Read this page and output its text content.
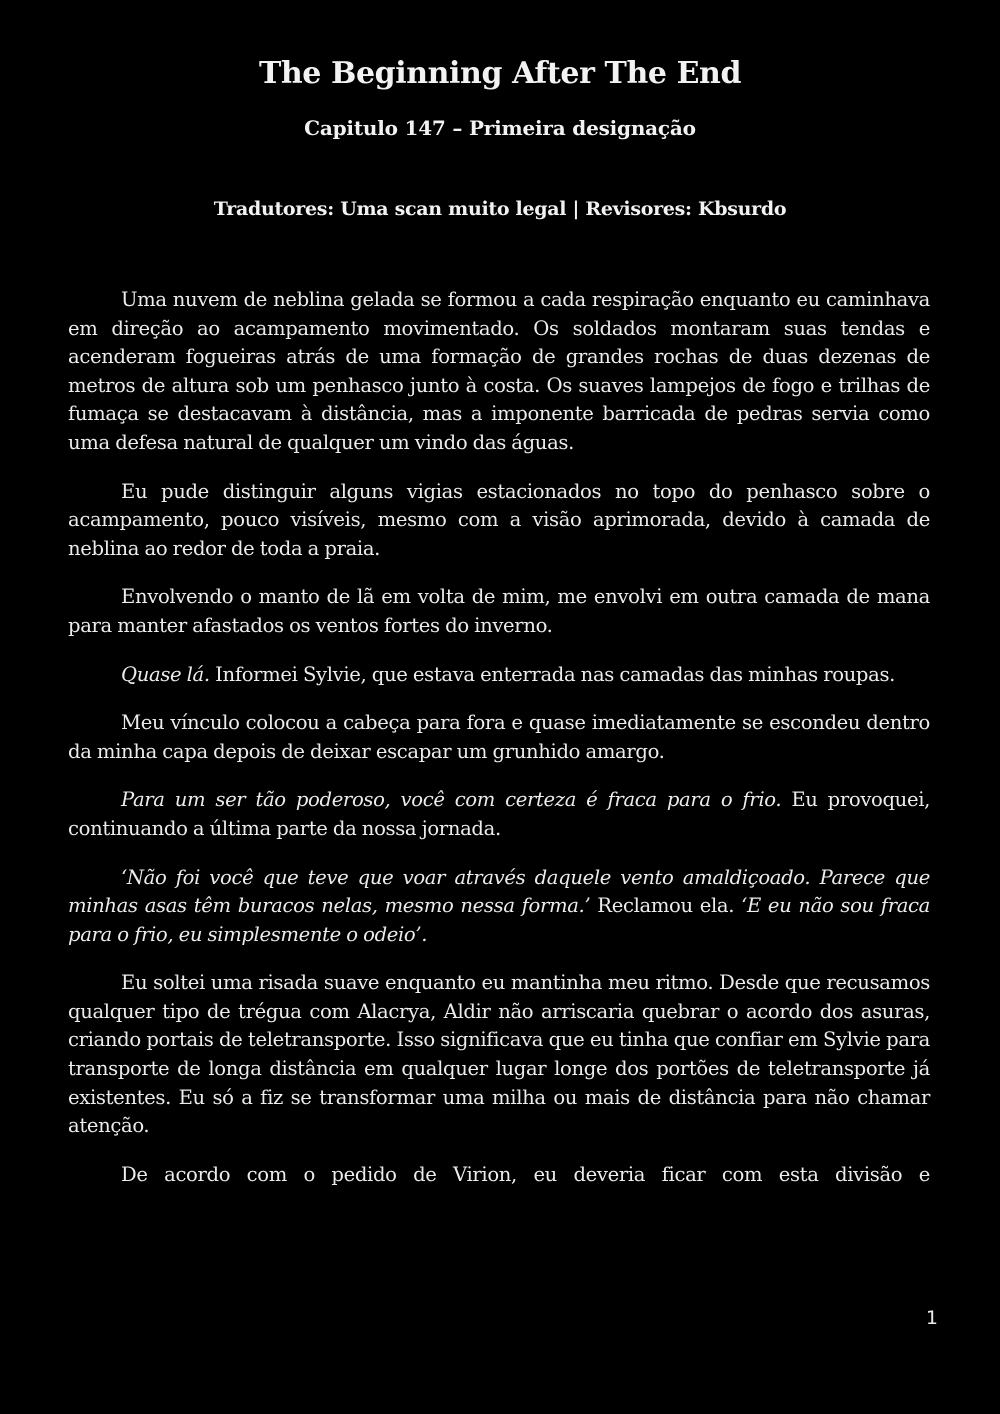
The Beginning After The End
Capitulo 147 – Primeira designação

Tradutores: Uma scan muito legal | Revisores: Kbsurdo

Uma nuvem de neblina gelada se formou a cada respiração enquanto eu caminhava em direção ao acampamento movimentado. Os soldados montaram suas tendas e acenderam fogueiras atrás de uma formação de grandes rochas de duas dezenas de metros de altura sob um penhasco junto à costa. Os suaves lampejos de fogo e trilhas de fumaça se destacavam à distância, mas a imponente barricada de pedras servia como uma defesa natural de qualquer um vindo das águas.

Eu pude distinguir alguns vigias estacionados no topo do penhasco sobre o acampamento, pouco visíveis, mesmo com a visão aprimorada, devido à camada de neblina ao redor de toda a praia.

Envolvendo o manto de lã em volta de mim, me envolvi em outra camada de mana para manter afastados os ventos fortes do inverno.

Quase lá. Informei Sylvie, que estava enterrada nas camadas das minhas roupas.

Meu vínculo colocou a cabeça para fora e quase imediatamente se escondeu dentro da minha capa depois de deixar escapar um grunhido amargo.

Para um ser tão poderoso, você com certeza é fraca para o frio. Eu provoquei, continuando a última parte da nossa jornada.

‘Não foi você que teve que voar através daquele vento amaldiçoado. Parece que minhas asas têm buracos nelas, mesmo nessa forma.’ Reclamou ela. ‘E eu não sou fraca para o frio, eu simplesmente o odeio’.

Eu soltei uma risada suave enquanto eu mantinha meu ritmo. Desde que recusamos qualquer tipo de trégua com Alacrya, Aldir não arriscaria quebrar o acordo dos asuras, criando portais de teletransporte. Isso significava que eu tinha que confiar em Sylvie para transporte de longa distância em qualquer lugar longe dos portões de teletransporte já existentes. Eu só a fiz se transformar uma milha ou mais de distância para não chamar atenção.

De acordo com o pedido de Virion, eu deveria ficar com esta divisão e

1
